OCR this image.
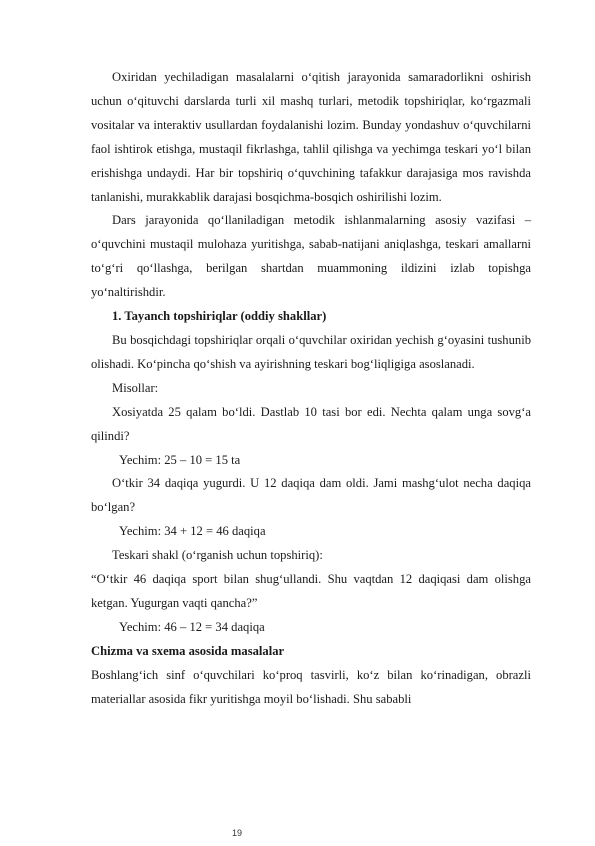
Oxiridan yechiladigan masalalarni o‘qitish jarayonida samaradorlikni oshirish uchun o‘qituvchi darslarda turli xil mashq turlari, metodik topshiriqlar, ko‘rgazmali vositalar va interaktiv usullardan foydalanishi lozim. Bunday yondashuv o‘quvchilarni faol ishtirok etishga, mustaqil fikrlashga, tahlil qilishga va yechimga teskari yo‘l bilan erishishga undaydi. Har bir topshiriq o‘quvchining tafakkur darajasiga mos ravishda tanlanishi, murakkablik darajasi bosqichma-bosqich oshirilishi lozim.

Dars jarayonida qo‘llaniladigan metodik ishlanmalarning asosiy vazifasi – o‘quvchini mustaqil mulohaza yuritishga, sabab-natijani aniqlashga, teskari amallarni to‘g‘ri qo‘llashga, berilgan shartdan muammoning ildizini izlab topishga yo‘naltirishdir.

1. Tayanch topshiriqlar (oddiy shakllar)

Bu bosqichdagi topshiriqlar orqali o‘quvchilar oxiridan yechish g‘oyasini tushunib olishadi. Ko‘pincha qo‘shish va ayirishning teskari bog‘liqligiga asoslanadi.

Misollar:

Xosiyatda 25 qalam bo‘ldi. Dastlab 10 tasi bor edi. Nechta qalam unga sovg‘a qilindi?

Yechim: 25 – 10 = 15 ta

O‘tkir 34 daqiqa yugurdi. U 12 daqiqa dam oldi. Jami mashg‘ulot necha daqiqa bo‘lgan?

Yechim: 34 + 12 = 46 daqiqa

Teskari shakl (o‘rganish uchun topshiriq):

“O‘tkir 46 daqiqa sport bilan shug‘ullandi. Shu vaqtdan 12 daqiqasi dam olishga ketgan. Yugurgan vaqti qancha?”

Yechim: 46 – 12 = 34 daqiqa

Chizma va sxema asosida masalalar

Boshlang‘ich sinf o‘quvchilari ko‘proq tasvirli, ko‘z bilan ko‘rinadigan, obrazli materiallar asosida fikr yuritishga moyil bo‘lishadi. Shu sababli

19
